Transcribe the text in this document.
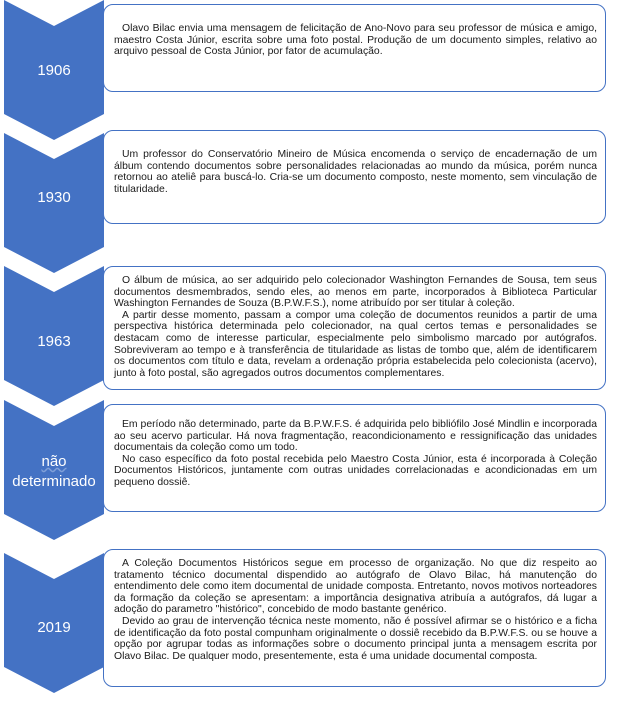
1906

Olavo Bilac envia uma mensagem de felicitação de Ano-Novo para seu professor de música e amigo, maestro Costa Júnior, escrita sobre uma foto postal. Produção de um documento simples, relativo ao arquivo pessoal de Costa Júnior, por fator de acumulação.

1930

Um professor do Conservatório Mineiro de Música encomenda o serviço de encadernação de um álbum contendo documentos sobre personalidades relacionadas ao mundo da música, porém nunca retornou ao ateliê para buscá-lo. Cria-se um documento composto, neste momento, sem vinculação de titularidade.

1963

O álbum de música, ao ser adquirido pelo colecionador Washington Fernandes de Sousa, tem seus documentos desmembrados, sendo eles, ao menos em parte, incorporados à Biblioteca Particular Washington Fernandes de Souza (B.P.W.F.S.), nome atribuído por ser titular à coleção.

A partir desse momento, passam a compor uma coleção de documentos reunidos a partir de uma perspectiva histórica determinada pelo colecionador, na qual certos temas e personalidades se destacam como de interesse particular, especialmente pelo simbolismo marcado por autógrafos. Sobreviveram ao tempo e à transferência de titularidade as listas de tombo que, além de identificarem os documentos com título e data, revelam a ordenação própria estabelecida pelo colecionista (acervo), junto à foto postal, são agregados outros documentos complementares.

não
determinado

Em período não determinado, parte da B.P.W.F.S. é adquirida pelo bibliófilo José Mindlin e incorporada ao seu acervo particular. Há nova fragmentação, reacondicionamento e ressignificação das unidades documentais da coleção como um todo.

No caso específico da foto postal recebida pelo Maestro Costa Júnior, esta é incorporada à Coleção Documentos Históricos, juntamente com outras unidades correlacionadas e acondicionadas em um pequeno dossiê.

2019

A Coleção Documentos Históricos segue em processo de organização. No que diz respeito ao tratamento técnico documental dispendido ao autógrafo de Olavo Bilac, há manutenção do entendimento dele como item documental de unidade composta. Entretanto, novos motivos norteadores da formação da coleção se apresentam: a importância designativa atribuía a autógrafos, dá lugar a adoção do parametro "histórico", concebido de modo bastante genérico.

Devido ao grau de intervenção técnica neste momento, não é possível afirmar se o histórico e a ficha de identificação da foto postal compunham originalmente o dossiê recebido da B.P.W.F.S. ou se houve a opção por agrupar todas as informações sobre o documento principal junta a mensagem escrita por Olavo Bilac. De qualquer modo, presentemente, esta é uma unidade documental composta.
